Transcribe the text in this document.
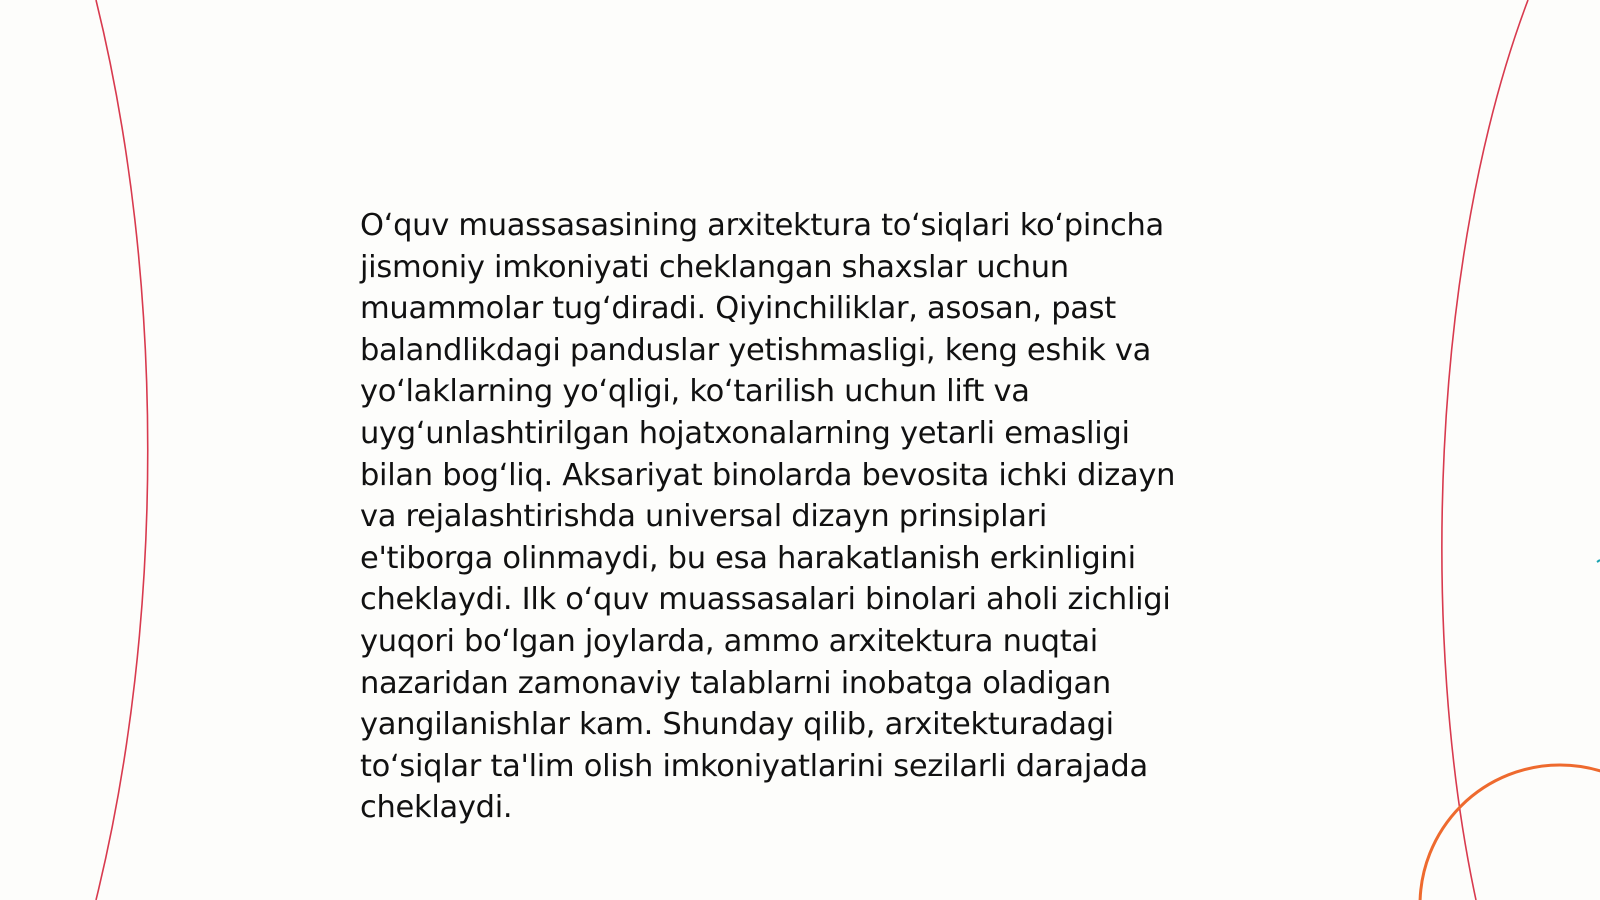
O‘quv muassasasining arxitektura to‘siqlari ko‘pincha
jismoniy imkoniyati cheklangan shaxslar uchun
muammolar tug‘diradi. Qiyinchiliklar, asosan, past
balandlikdagi panduslar yetishmasligi, keng eshik va
yo‘laklarning yo‘qligi, ko‘tarilish uchun lift va
uyg‘unlashtirilgan hojatxonalarning yetarli emasligi
bilan bog‘liq. Aksariyat binolarda bevosita ichki dizayn
va rejalashtirishda universal dizayn prinsiplari
e'tiborga olinmaydi, bu esa harakatlanish erkinligini
cheklaydi. Ilk o‘quv muassasalari binolari aholi zichligi
yuqori bo‘lgan joylarda, ammo arxitektura nuqtai
nazaridan zamonaviy talablarni inobatga oladigan
yangilanishlar kam. Shunday qilib, arxitekturadagi
to‘siqlar ta'lim olish imkoniyatlarini sezilarli darajada
cheklaydi.
